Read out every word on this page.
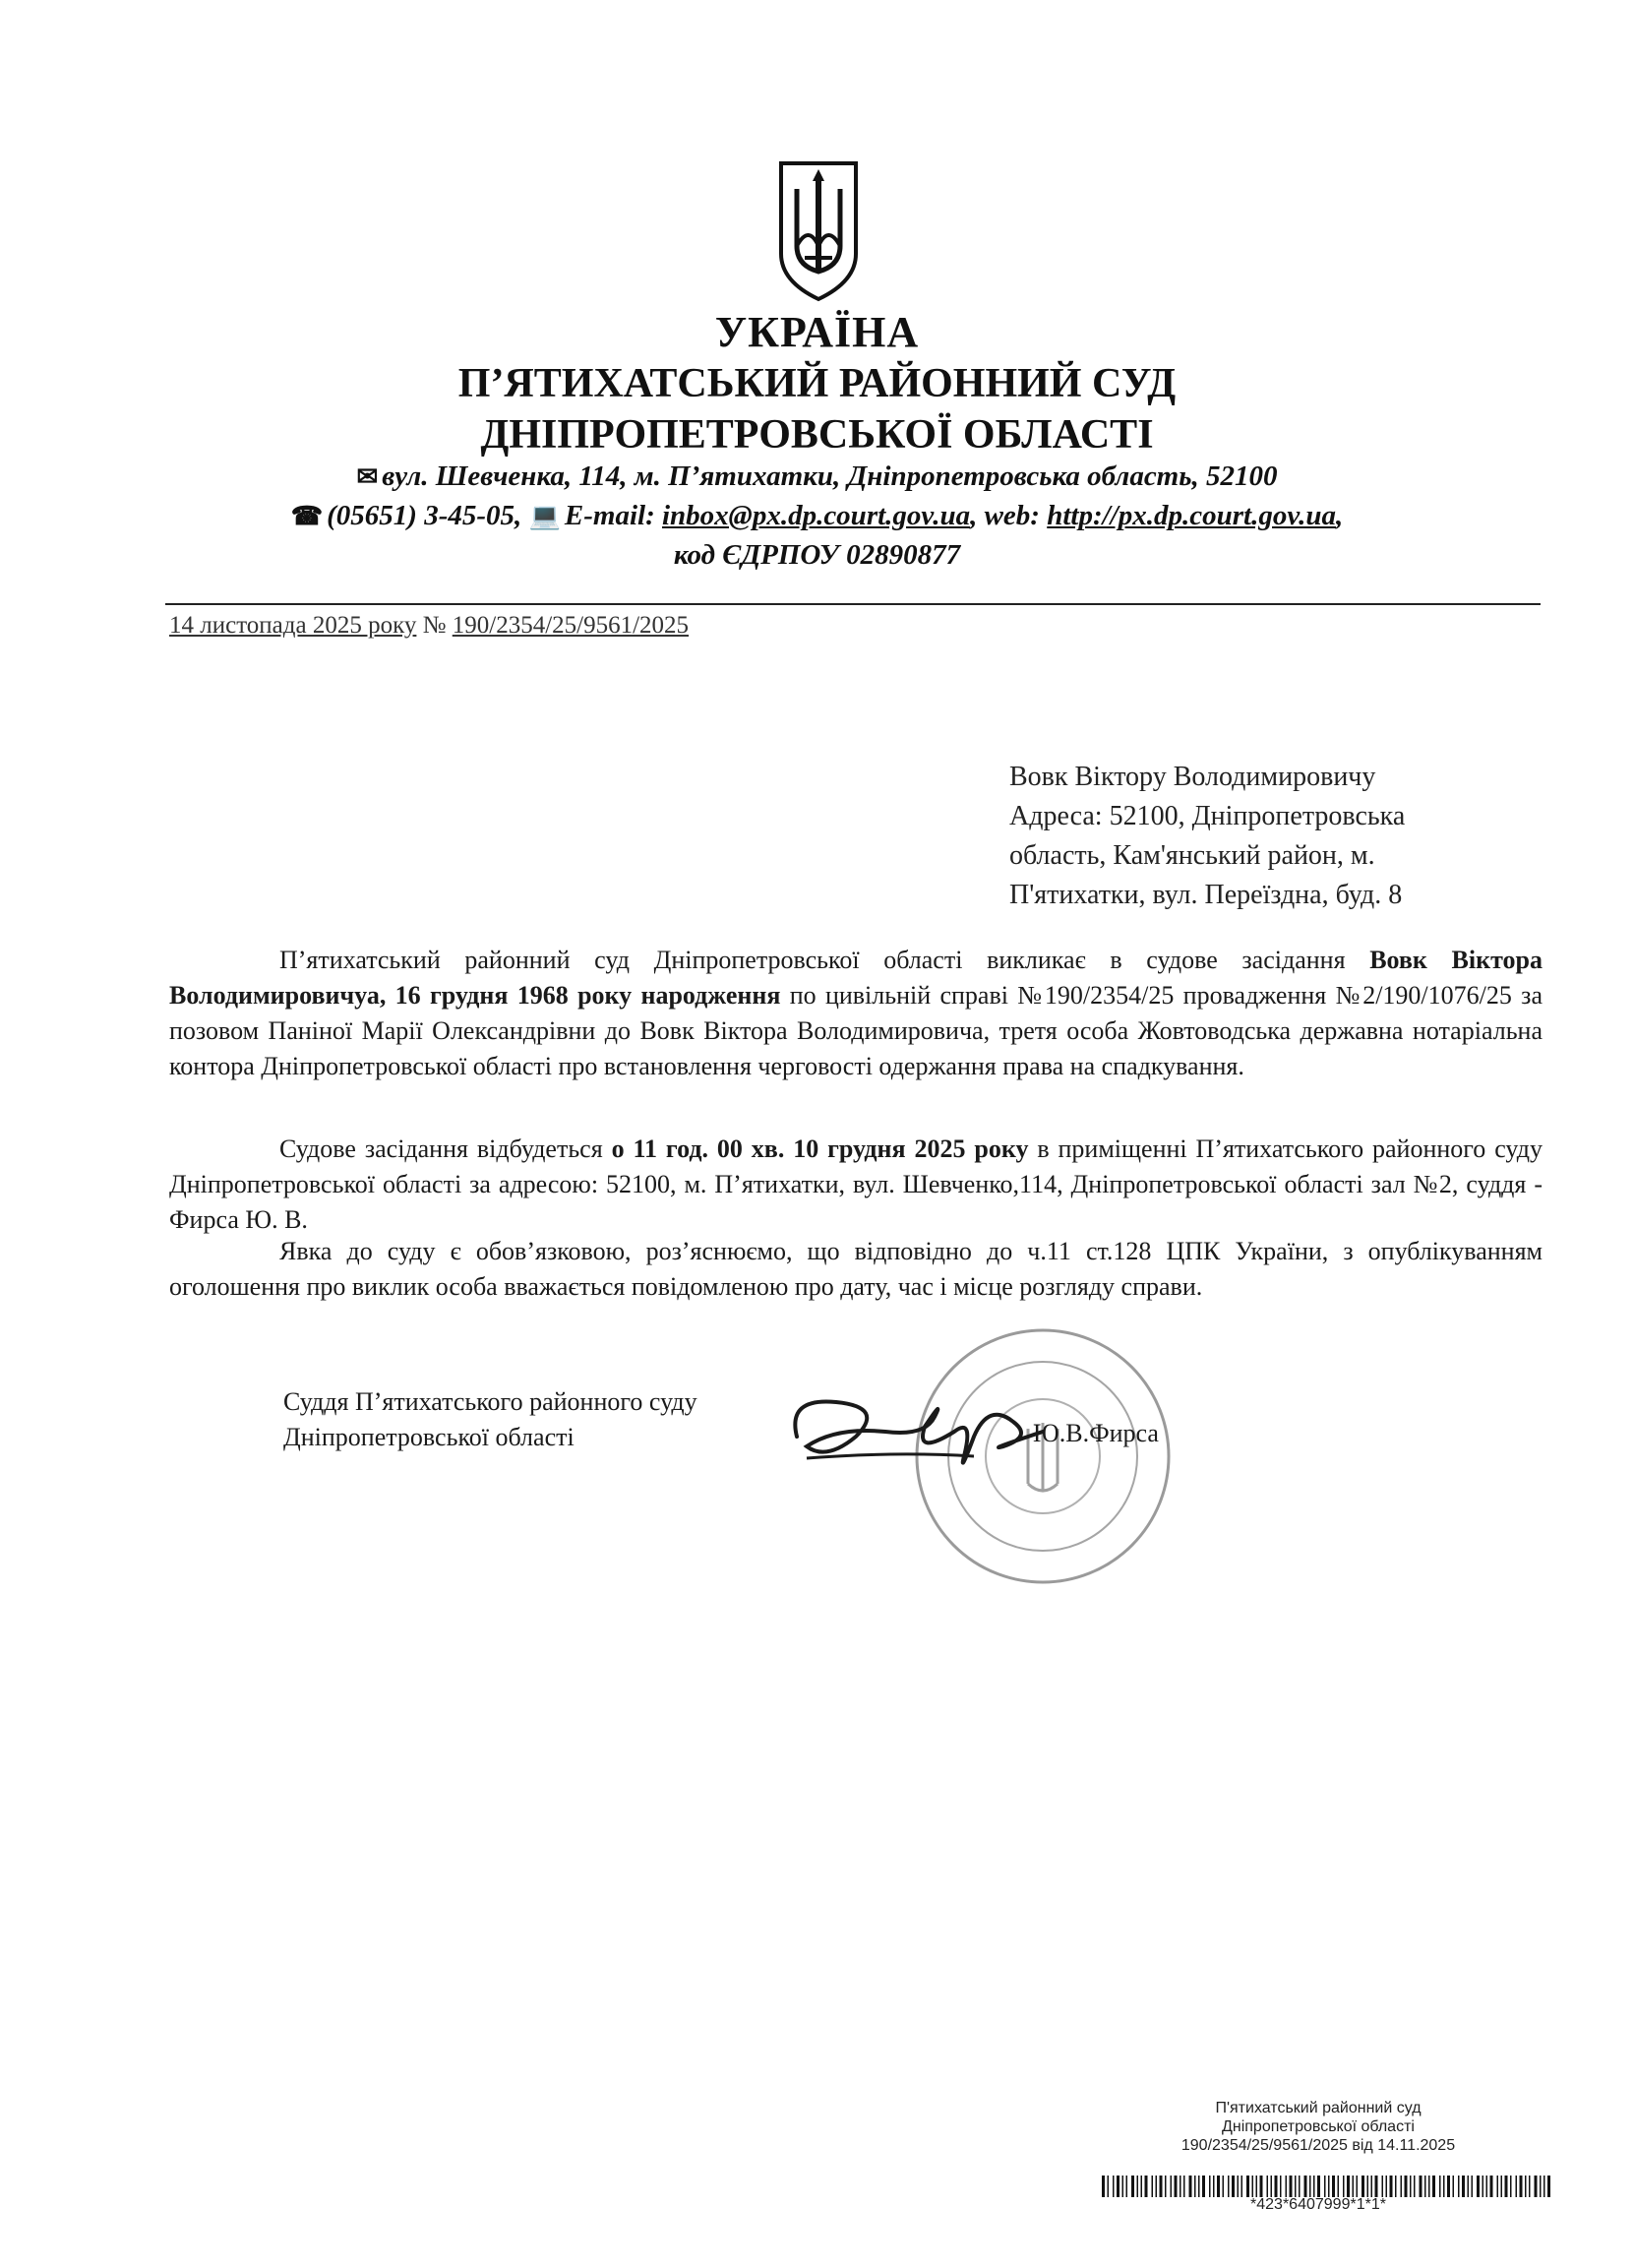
УКРАЇНА
П’ЯТИХАТСЬКИЙ РАЙОННИЙ СУД
ДНІПРОПЕТРОВСЬКОЇ ОБЛАСТІ
✉ вул. Шевченка, 114, м. П’ятихатки, Дніпропетровська область, 52100
☎ (05651) 3-45-05, 💻 E-mail: inbox@px.dp.court.gov.ua, web: http://px.dp.court.gov.ua,
код ЄДРПОУ 02890877
14 листопада 2025 року № 190/2354/25/9561/2025
Вовк Віктору Володимировичу
Адреса: 52100, Дніпропетровська
область, Кам'янський район, м.
П'ятихатки, вул. Переїздна, буд. 8
П’ятихатський районний суд Дніпропетровської області викликає в судове засідання Вовк Віктора Володимировичуа, 16 грудня 1968 року народження по цивільній справі №190/2354/25 провадження №2/190/1076/25 за позовом Паніної Марії Олександрівни до Вовк Віктора Володимировича, третя особа Жовтоводська державна нотаріальна контора Дніпропетровської області про встановлення черговості одержання права на спадкування.
Судове засідання відбудеться о 11 год. 00 хв. 10 грудня 2025 року в приміщенні П’ятихатського районного суду Дніпропетровської області за адресою: 52100, м. П’ятихатки, вул. Шевченко,114, Дніпропетровської області зал №2, суддя - Фирса Ю. В.
Явка до суду є обов’язковою, роз’яснюємо, що відповідно до ч.11 ст.128 ЦПК України, з опублікуванням оголошення про виклик особа вважається повідомленою про дату, час і місце розгляду справи.
Суддя П’ятихатського районного суду
Дніпропетровської області	Ю.В.Фирса
П'ятихатський районний суд
Дніпропетровської області
190/2354/25/9561/2025 від 14.11.2025
*423*6407999*1*1*
